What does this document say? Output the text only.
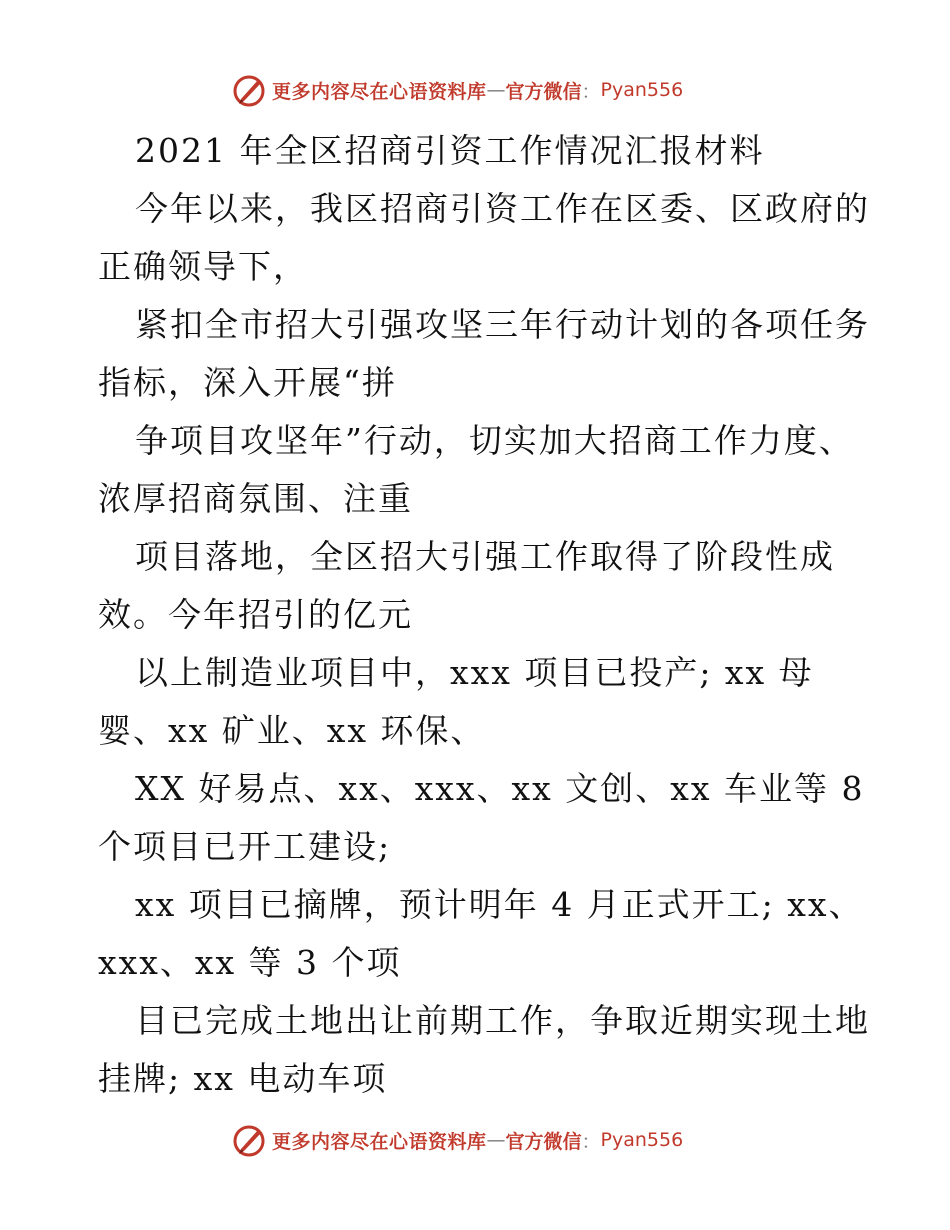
更多内容尽在心语资料库 — 官方微信 ： Pyan556
2021 年全区招商引资工作情况汇报材料
今年以来，我区招商引资工作在区委、区政府的
正确领导下，
紧扣全市招大引强攻坚三年行动计划的各项任务
指标，深入开展“拼
争项目攻坚年”行动，切实加大招商工作力度、
浓厚招商氛围、注重
项目落地，全区招大引强工作取得了阶段性成
效。今年招引的亿元
以上制造业项目中，xxx 项目已投产; xx 母
婴、xx 矿业、xx 环保、
XX 好易点、xx、xxx、xx 文创、xx 车业等 8
个项目已开工建设;
xx 项目已摘牌，预计明年 4 月正式开工; xx、
xxx、xx 等 3 个项
目已完成土地出让前期工作，争取近期实现土地
挂牌; xx 电动车项
更多内容尽在心语资料库 — 官方微信 ： Pyan556
